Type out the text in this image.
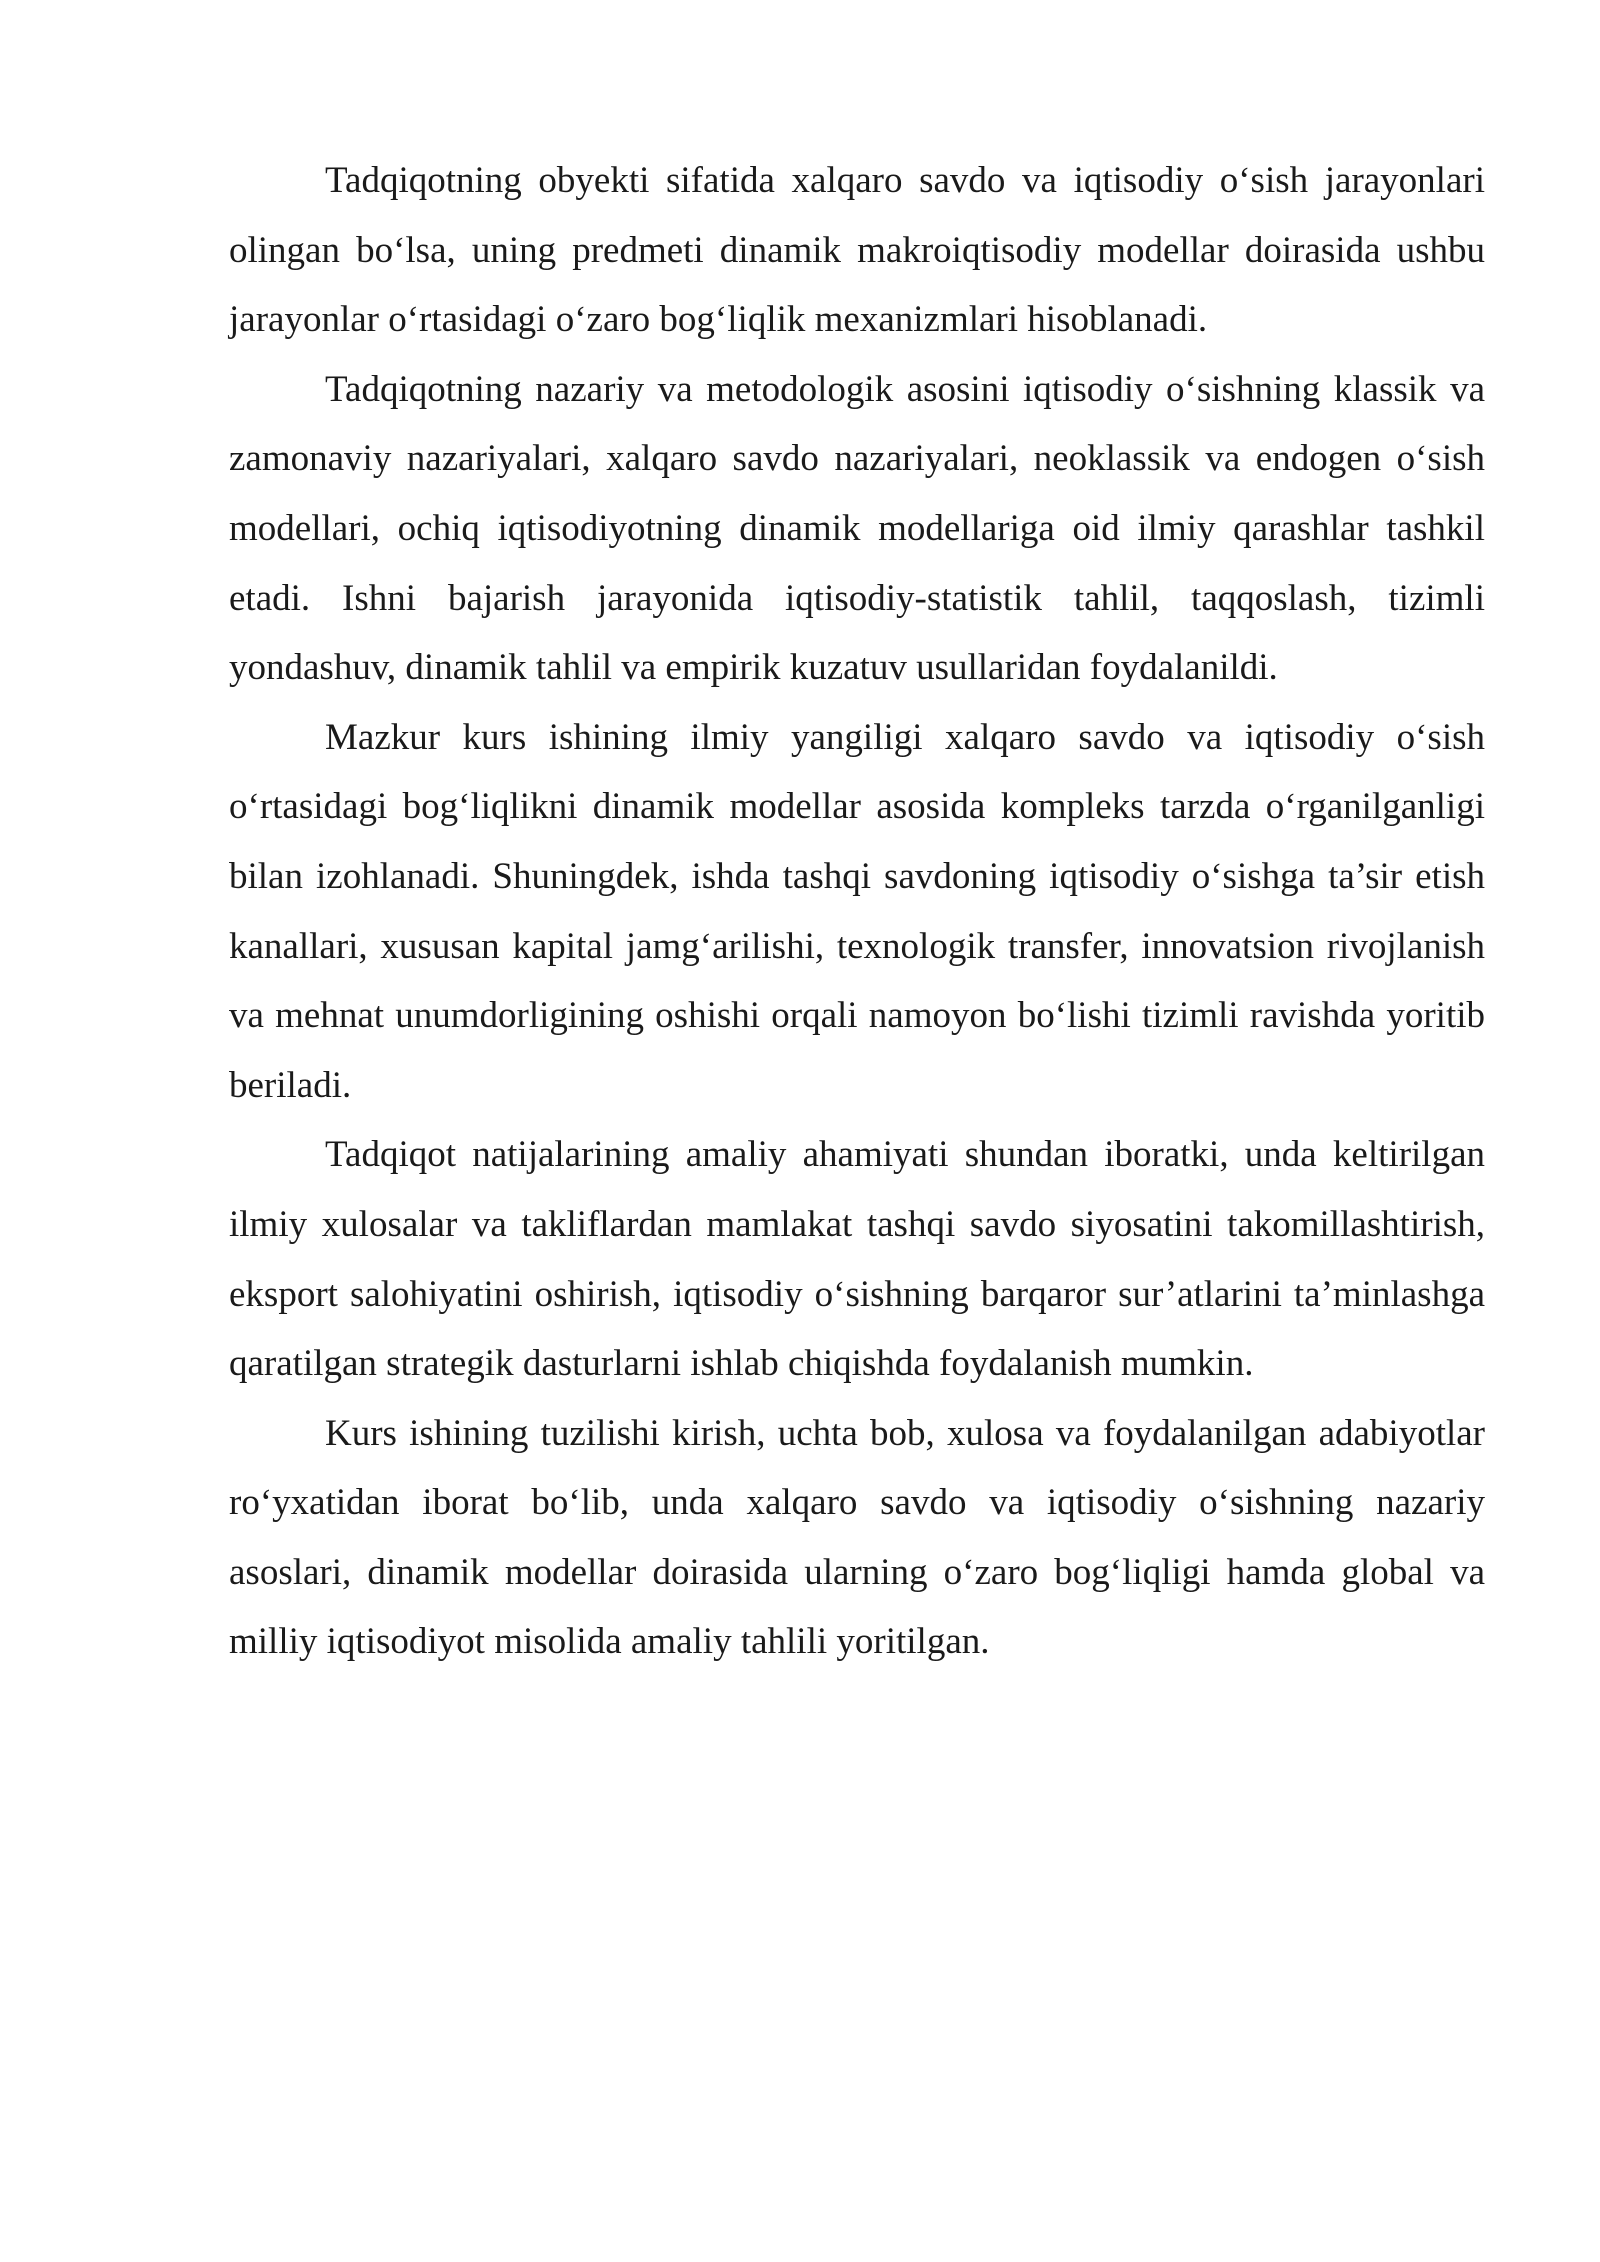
Tadqiqotning obyekti sifatida xalqaro savdo va iqtisodiy o‘sish jarayonlari olingan bo‘lsa, uning predmeti dinamik makroiqtisodiy modellar doirasida ushbu jarayonlar o‘rtasidagi o‘zaro bog‘liqlik mexanizmlari hisoblanadi.

Tadqiqotning nazariy va metodologik asosini iqtisodiy o‘sishning klassik va zamonaviy nazariyalari, xalqaro savdo nazariyalari, neoklassik va endogen o‘sish modellari, ochiq iqtisodiyotning dinamik modellariga oid ilmiy qarashlar tashkil etadi. Ishni bajarish jarayonida iqtisodiy-statistik tahlil, taqqoslash, tizimli yondashuv, dinamik tahlil va empirik kuzatuv usullaridan foydalanildi.

Mazkur kurs ishining ilmiy yangiligi xalqaro savdo va iqtisodiy o‘sish o‘rtasidagi bog‘liqlikni dinamik modellar asosida kompleks tarzda o‘rganilganligi bilan izohlanadi. Shuningdek, ishda tashqi savdoning iqtisodiy o‘sishga ta’sir etish kanallari, xususan kapital jamg‘arilishi, texnologik transfer, innovatsion rivojlanish va mehnat unumdorligining oshishi orqali namoyon bo‘lishi tizimli ravishda yoritib beriladi.

Tadqiqot natijalarining amaliy ahamiyati shundan iboratki, unda keltirilgan ilmiy xulosalar va takliflardan mamlakat tashqi savdo siyosatini takomillashtirish, eksport salohiyatini oshirish, iqtisodiy o‘sishning barqaror sur’atlarini ta’minlashga qaratilgan strategik dasturlarni ishlab chiqishda foydalanish mumkin.

Kurs ishining tuzilishi kirish, uchta bob, xulosa va foydalanilgan adabiyotlar ro‘yxatidan iborat bo‘lib, unda xalqaro savdo va iqtisodiy o‘sishning nazariy asoslari, dinamik modellar doirasida ularning o‘zaro bog‘liqligi hamda global va milliy iqtisodiyot misolida amaliy tahlili yoritilgan.
